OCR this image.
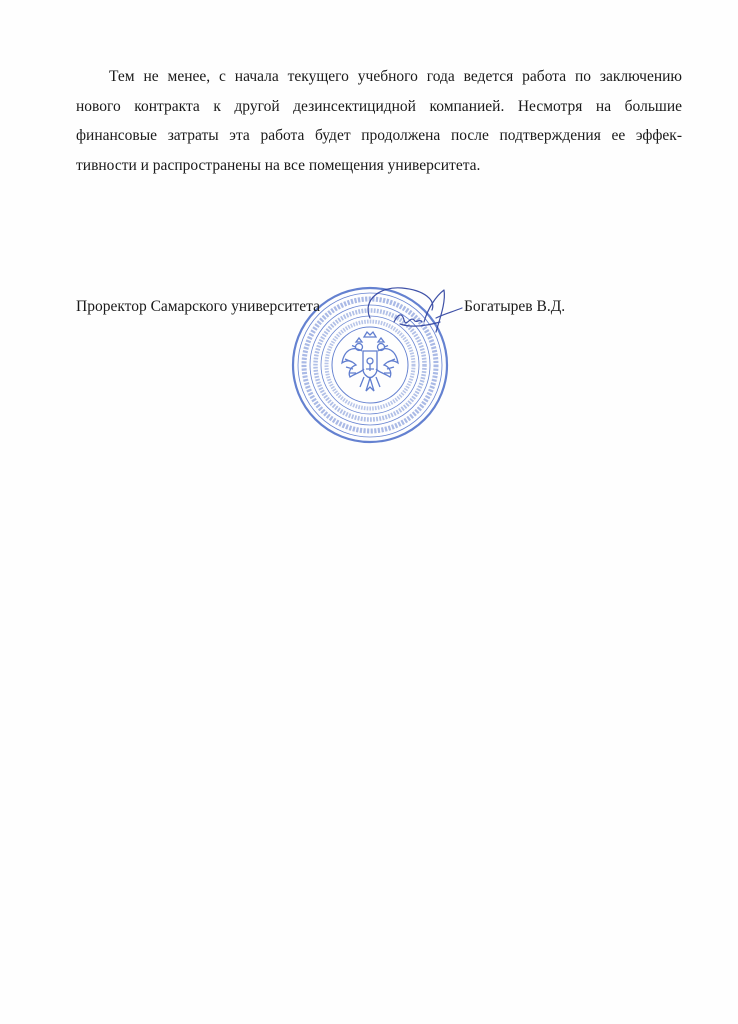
Тем не менее, с начала текущего учебного года ведется работа по заключению
нового контракта к другой дезинсектицидной компанией. Несмотря на большие
финансовые затраты эта работа будет продолжена после подтверждения ее эффек-
тивности и распространены на все помещения университета.
Проректор Самарского университета	Богатырев В.Д.
